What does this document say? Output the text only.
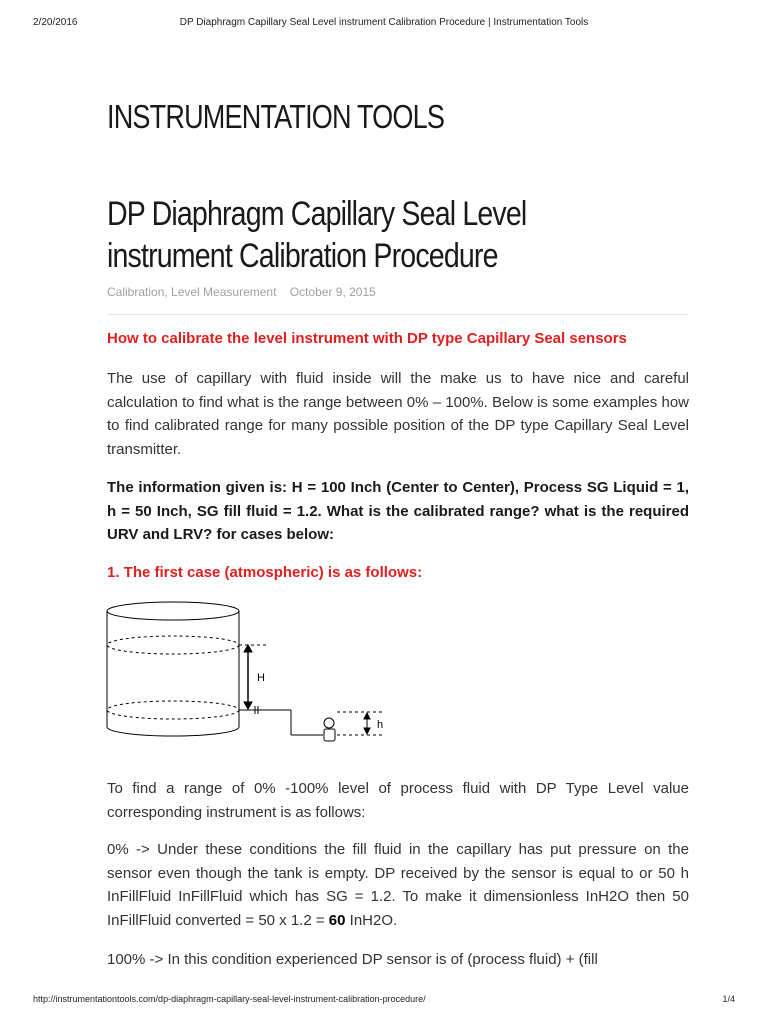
2/20/2016	DP Diaphragm Capillary Seal Level instrument Calibration Procedure | Instrumentation Tools
INSTRUMENTATION TOOLS
DP Diaphragm Capillary Seal Level
instrument Calibration Procedure
Calibration, Level Measurement October 9, 2015
How to calibrate the level instrument with DP type Capillary Seal sensors

The use of capillary with fluid inside will the make us to have nice and careful calculation to find what is the range between 0% – 100%. Below is some examples how to find calibrated range for many possible position of the DP type Capillary Seal Level transmitter.

The information given is: H = 100 Inch (Center to Center), Process SG Liquid = 1, h = 50 Inch, SG fill fluid = 1.2. What is the calibrated range? what is the required URV and LRV? for cases below:

1. The first case (atmospheric) is as follows:
H
h

To find a range of 0% -100% level of process fluid with DP Type Level value corresponding instrument is as follows:

0% -> Under these conditions the fill fluid in the capillary has put pressure on the sensor even though the tank is empty. DP received by the sensor is equal to or 50 h InFillFluid InFillFluid which has SG = 1.2. To make it dimensionless InH2O then 50 InFillFluid converted = 50 x 1.2 = 60 InH2O.

100% -> In this condition experienced DP sensor is of (process fluid) + (fill

http://instrumentationtools.com/dp-diaphragm-capillary-seal-level-instrument-calibration-procedure/	1/4
